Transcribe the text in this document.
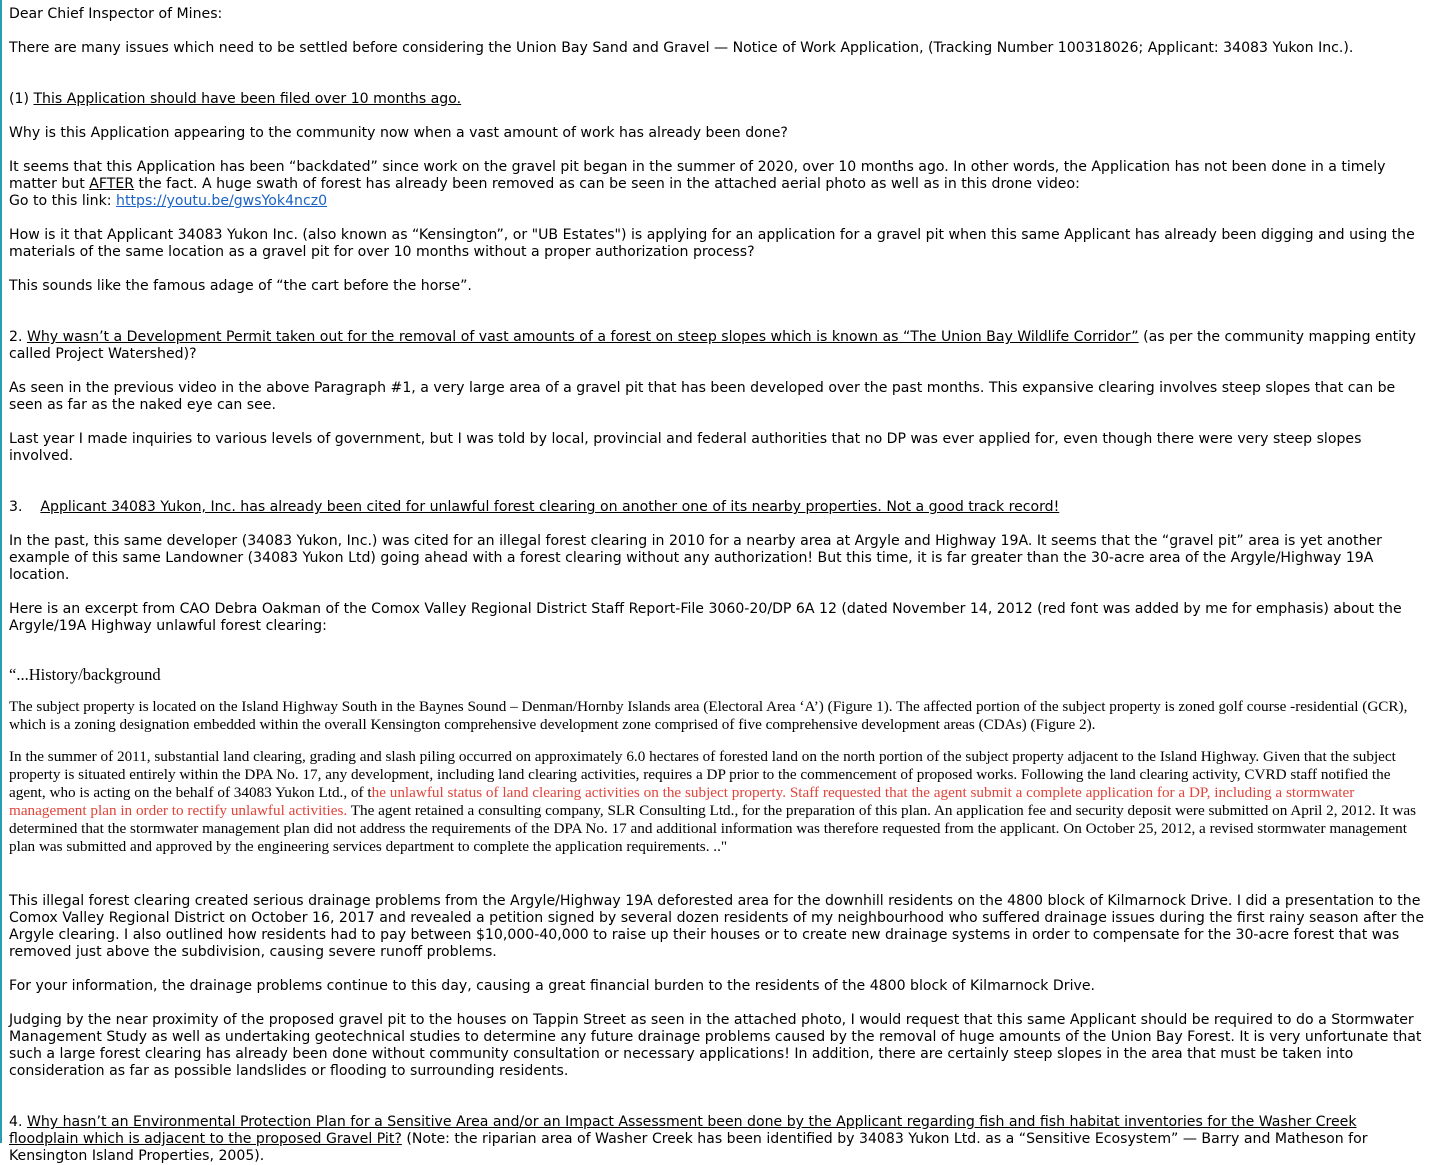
Dear Chief Inspector of Mines:

There are many issues which need to be settled before considering the Union Bay Sand and Gravel — Notice of Work Application, (Tracking Number 100318026; Applicant: 34083 Yukon Inc.).

(1) This Application should have been filed over 10 months ago.

Why is this Application appearing to the community now when a vast amount of work has already been done?

It seems that this Application has been “backdated” since work on the gravel pit began in the summer of 2020, over 10 months ago. In other words, the Application has not been done in a timely matter but AFTER the fact. A huge swath of forest has already been removed as can be seen in the attached aerial photo as well as in this drone video:

Go to this link: https://youtu.be/gwsYok4ncz0

How is it that Applicant 34083 Yukon Inc. (also known as “Kensington”, or "UB Estates") is applying for an application for a gravel pit when this same Applicant has already been digging and using the materials of the same location as a gravel pit for over 10 months without a proper authorization process?

This sounds like the famous adage of “the cart before the horse”.

2. Why wasn’t a Development Permit taken out for the removal of vast amounts of a forest on steep slopes which is known as “The Union Bay Wildlife Corridor” (as per the community mapping entity called Project Watershed)?

As seen in the previous video in the above Paragraph #1, a very large area of a gravel pit that has been developed over the past months. This expansive clearing involves steep slopes that can be seen as far as the naked eye can see.

Last year I made inquiries to various levels of government, but I was told by local, provincial and federal authorities that no DP was ever applied for, even though there were very steep slopes involved.

3.    Applicant 34083 Yukon, Inc. has already been cited for unlawful forest clearing on another one of its nearby properties. Not a good track record!

In the past, this same developer (34083 Yukon, Inc.) was cited for an illegal forest clearing in 2010 for a nearby area at Argyle and Highway 19A. It seems that the “gravel pit” area is yet another example of this same Landowner (34083 Yukon Ltd) going ahead with a forest clearing without any authorization! But this time, it is far greater than the 30-acre area of the Argyle/Highway 19A location.

Here is an excerpt from CAO Debra Oakman of the Comox Valley Regional District Staff Report-File 3060-20/DP 6A 12 (dated November 14, 2012 (red font was added by me for emphasis) about the Argyle/19A Highway unlawful forest clearing:

“...History/background

The subject property is located on the Island Highway South in the Baynes Sound – Denman/Hornby Islands area (Electoral Area ‘A’) (Figure 1). The affected portion of the subject property is zoned golf course -residential (GCR), which is a zoning designation embedded within the overall Kensington comprehensive development zone comprised of five comprehensive development areas (CDAs) (Figure 2).

In the summer of 2011, substantial land clearing, grading and slash piling occurred on approximately 6.0 hectares of forested land on the north portion of the subject property adjacent to the Island Highway. Given that the subject property is situated entirely within the DPA No. 17, any development, including land clearing activities, requires a DP prior to the commencement of proposed works. Following the land clearing activity, CVRD staff notified the agent, who is acting on the behalf of 34083 Yukon Ltd., of the unlawful status of land clearing activities on the subject property. Staff requested that the agent submit a complete application for a DP, including a stormwater management plan in order to rectify unlawful activities. The agent retained a consulting company, SLR Consulting Ltd., for the preparation of this plan. An application fee and security deposit were submitted on April 2, 2012. It was determined that the stormwater management plan did not address the requirements of the DPA No. 17 and additional information was therefore requested from the applicant. On October 25, 2012, a revised stormwater management plan was submitted and approved by the engineering services department to complete the application requirements. .."

This illegal forest clearing created serious drainage problems from the Argyle/Highway 19A deforested area for the downhill residents on the 4800 block of Kilmarnock Drive. I did a presentation to the Comox Valley Regional District on October 16, 2017 and revealed a petition signed by several dozen residents of my neighbourhood who suffered drainage issues during the first rainy season after the Argyle clearing. I also outlined how residents had to pay between $10,000-40,000 to raise up their houses or to create new drainage systems in order to compensate for the 30-acre forest that was removed just above the subdivision, causing severe runoff problems.

For your information, the drainage problems continue to this day, causing a great financial burden to the residents of the 4800 block of Kilmarnock Drive.

Judging by the near proximity of the proposed gravel pit to the houses on Tappin Street as seen in the attached photo, I would request that this same Applicant should be required to do a Stormwater Management Study as well as undertaking geotechnical studies to determine any future drainage problems caused by the removal of huge amounts of the Union Bay Forest. It is very unfortunate that such a large forest clearing has already been done without community consultation or necessary applications! In addition, there are certainly steep slopes in the area that must be taken into consideration as far as possible landslides or flooding to surrounding residents.

4. Why hasn’t an Environmental Protection Plan for a Sensitive Area and/or an Impact Assessment been done by the Applicant regarding fish and fish habitat inventories for the Washer Creek floodplain which is adjacent to the proposed Gravel Pit? (Note: the riparian area of Washer Creek has been identified by 34083 Yukon Ltd. as a “Sensitive Ecosystem” — Barry and Matheson for Kensington Island Properties, 2005).
